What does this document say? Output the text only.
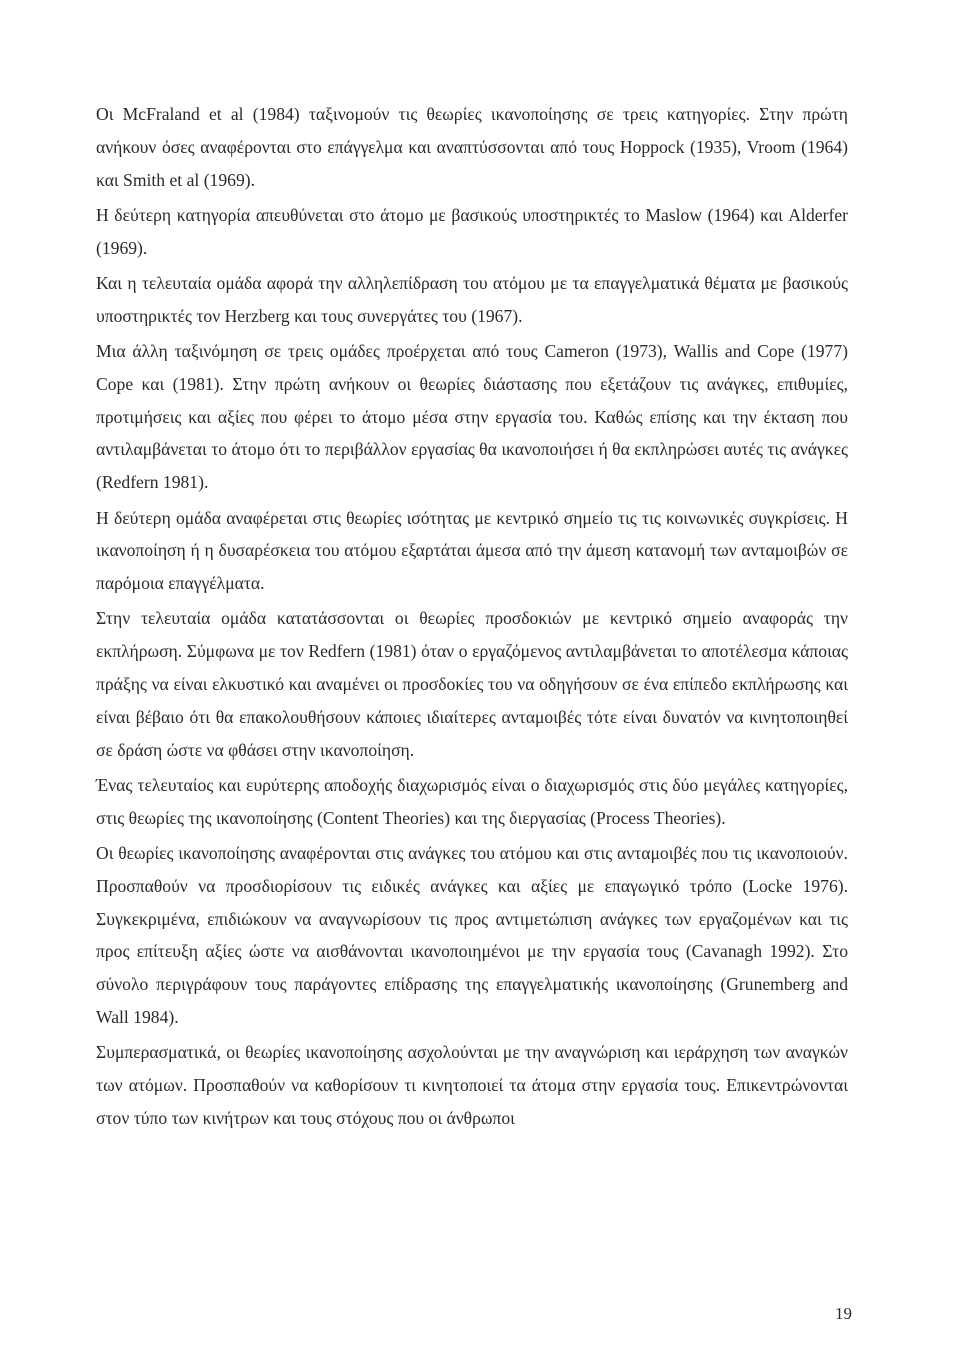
Οι McFraland et al (1984) ταξινομούν τις θεωρίες ικανοποίησης σε τρεις κατηγορίες. Στην πρώτη ανήκουν όσες αναφέρονται στο επάγγελμα και αναπτύσσονται από τους Hoppock (1935), Vroom (1964) και Smith et al (1969).

Η δεύτερη κατηγορία απευθύνεται στο άτομο με βασικούς υποστηρικτές το Maslow (1964) και Alderfer (1969).

Και η τελευταία ομάδα αφορά την αλληλεπίδραση του ατόμου με τα επαγγελματικά θέματα με βασικούς υποστηρικτές τον Herzberg και τους συνεργάτες του (1967).

Μια άλλη ταξινόμηση σε τρεις ομάδες προέρχεται από τους Cameron (1973), Wallis and Cope (1977) Cope και (1981). Στην πρώτη ανήκουν οι θεωρίες διάστασης που εξετάζουν τις ανάγκες, επιθυμίες, προτιμήσεις και αξίες που φέρει το άτομο μέσα στην εργασία του. Καθώς επίσης και την έκταση που αντιλαμβάνεται το άτομο ότι το περιβάλλον εργασίας θα ικανοποιήσει ή θα εκπληρώσει αυτές τις ανάγκες (Redfern 1981).

Η δεύτερη ομάδα αναφέρεται στις θεωρίες ισότητας με κεντρικό σημείο τις τις κοινωνικές συγκρίσεις. Η ικανοποίηση ή η δυσαρέσκεια του ατόμου εξαρτάται άμεσα από την άμεση κατανομή των ανταμοιβών σε παρόμοια επαγγέλματα.

Στην τελευταία ομάδα κατατάσσονται οι θεωρίες προσδοκιών με κεντρικό σημείο αναφοράς την εκπλήρωση. Σύμφωνα με τον Redfern (1981) όταν ο εργαζόμενος αντιλαμβάνεται το αποτέλεσμα κάποιας πράξης να είναι ελκυστικό και αναμένει οι προσδοκίες του να οδηγήσουν σε ένα επίπεδο εκπλήρωσης και είναι βέβαιο ότι θα επακολουθήσουν κάποιες ιδιαίτερες ανταμοιβές τότε είναι δυνατόν να κινητοποιηθεί σε δράση ώστε να φθάσει στην ικανοποίηση.

Ένας τελευταίος και ευρύτερης αποδοχής διαχωρισμός είναι ο διαχωρισμός στις δύο μεγάλες κατηγορίες, στις θεωρίες της ικανοποίησης (Content Theories) και της διεργασίας (Process Theories).

Οι θεωρίες ικανοποίησης αναφέρονται στις ανάγκες του ατόμου και στις ανταμοιβές που τις ικανοποιούν. Προσπαθούν να προσδιορίσουν τις ειδικές ανάγκες και αξίες με επαγωγικό τρόπο (Locke 1976). Συγκεκριμένα, επιδιώκουν να αναγνωρίσουν τις προς αντιμετώπιση ανάγκες των εργαζομένων και τις προς επίτευξη αξίες ώστε να αισθάνονται ικανοποιημένοι με την εργασία τους (Cavanagh 1992). Στο σύνολο περιγράφουν τους παράγοντες επίδρασης της επαγγελματικής ικανοποίησης (Grunemberg and Wall 1984).

Συμπερασματικά, οι θεωρίες ικανοποίησης ασχολούνται με την αναγνώριση και ιεράρχηση των αναγκών των ατόμων. Προσπαθούν να καθορίσουν τι κινητοποιεί τα άτομα στην εργασία τους. Επικεντρώνονται στον τύπο των κινήτρων και τους στόχους που οι άνθρωποι

19
